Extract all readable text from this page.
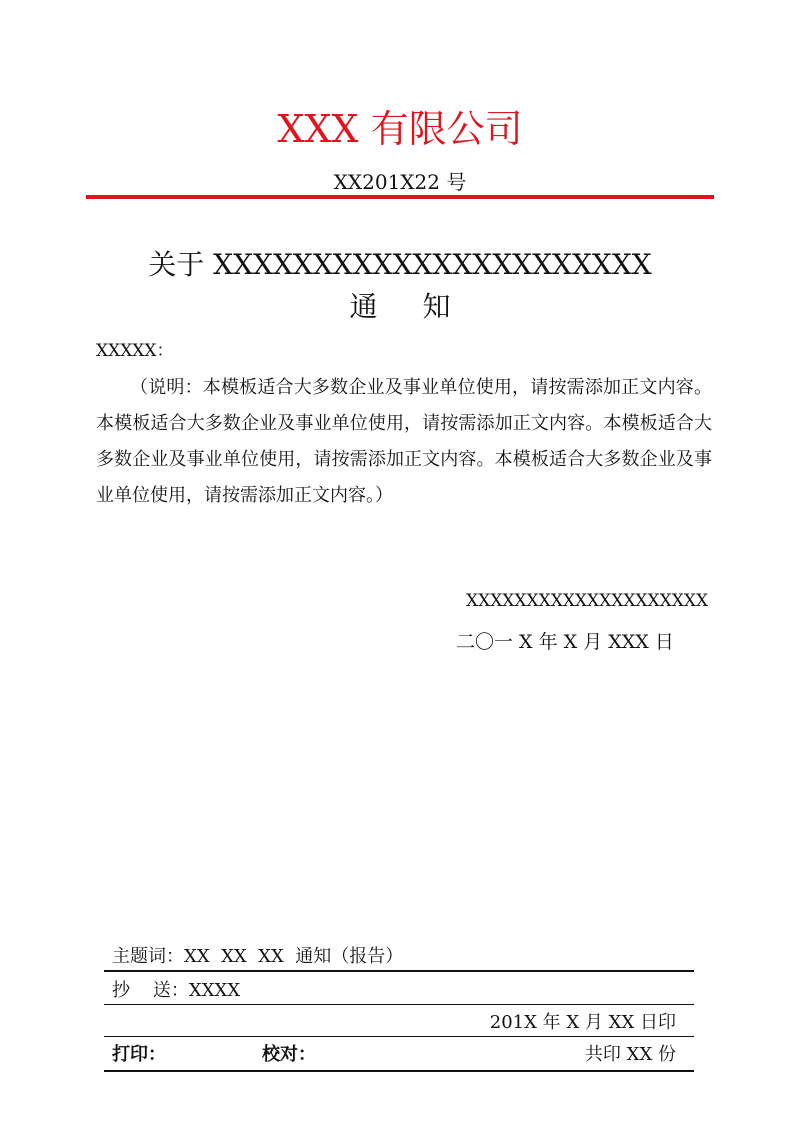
XXX 有限公司
XX201X22 号
关于 XXXXXXXXXXXXXXXXXXXXXX
通 知
XXXXX：
（说明：本模板适合大多数企业及事业单位使用，请按需添加正文内容。本模板适合大多数企业及事业单位使用，请按需添加正文内容。本模板适合大多数企业及事业单位使用，请按需添加正文内容。本模板适合大多数企业及事业单位使用，请按需添加正文内容。）
XXXXXXXXXXXXXXXXXXXX
二〇一 X 年 X 月 XXX 日
主题词：XX  XX  XX  通知（报告）
抄    送：XXXX
201X 年 X 月 XX 日印
打印：	校对：	共印 XX 份
